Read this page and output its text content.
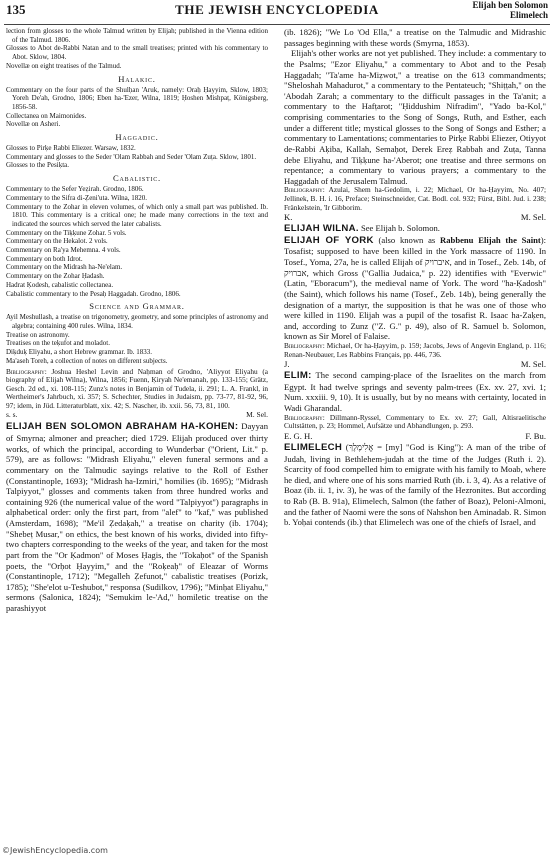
135	THE JEWISH ENCYCLOPEDIA	Elijah ben Solomon
Elimelech

lection from glosses to the whole Talmud written by Elijah; published in the Vienna edition of the Talmud. 1806.

Glosses to Abot de-Rabbi Natan and to the small treatises; printed with his commentary to Abot. Sklow, 1804.

Novellæ on eight treatises of the Talmud.

Halakic.

Commentary on the four parts of the Shulḥan 'Aruk, namely: Oraḥ Ḥayyim, Sklow, 1803; Yoreh De'ah, Grodno, 1806; Eben ha-'Ezer, Wilna, 1819; Ḥoshen Mishpaṭ, Königsberg, 1856-58.

Collectanea on Maimonides.

Novellæ on Asheri.

Haggadic.

Glosses to Pirḳe Rabbi Eliezer. Warsaw, 1832.

Commentary and glosses to the Seder 'Olam Rabbah and Seder 'Olam Zuṭa. Sklow, 1801.

Glosses to the Pesiḳta.

Cabalistic.

Commentary to the Sefer Yeẓirah. Grodno, 1806.

Commentary to the Sifra di-Ẓeni'uta. Wilna, 1820.

Commentary to the Zohar in eleven volumes, of which only a small part was published. Ib. 1810. This commentary is a critical one; he made many corrections in the text and indicated the sources which served the later cabalists.

Commentary on the Tiḳḳune Zohar. 5 vols.

Commentary on the Hekalot. 2 vols.

Commentary on Ra'ya Mehemna. 4 vols.

Commentary on both Idrot.

Commentary on the Midrash ha-Ne'elam.

Commentary on the Zohar Ḥadash.

Hadrat Ḳodesh, cabalistic collectanea.

Cabalistic commentary to the Pesaḥ Haggadah. Grodno, 1806.

Science and Grammar.

Ayil Meshullash, a treatise on trigonometry, geometry, and some principles of astronomy and algebra; containing 400 rules. Wilna, 1834.

Treatise on astronomy.

Treatises on the teḳufot and moladot.

Diḳduḳ Eliyahu, a short Hebrew grammar. Ib. 1833.

Ma'aseh Toreh, a collection of notes on different subjects.

Bibliography: Joshua Heshel Levin and Naḥman of Grodno, 'Aliyyot Eliyahu (a biography of Elijah Wilna), Wilna, 1856; Fuenn, Ḳiryah Ne'emanah, pp. 133-155; Grätz, Gesch. 2d ed., xi. 108-115; Zunz's notes in Benjamin of Tudela, ii. 291; L. A. Frankl, in Wertheimer's Jahrbuch, xi. 357; S. Schechter, Studies in Judaism, pp. 73-77, 81-92, 96, 97; idem, in Jüd. Litteraturblatt, xix. 42; S. Nascher, ib. xxii. 56, 73, 81, 100.

s. s.	M. Sel.

ELIJAH BEN SOLOMON ABRAHAM HA-KOHEN: Dayyan of Smyrna; almoner and preacher; died 1729. Elijah produced over thirty works, of which the principal, according to Wunderbar ("Orient, Lit." p. 579), are as follows: "Midrash Eliyahu," eleven funeral sermons and a commentary on the Talmudic sayings relative to the Roll of Esther (Constantinople, 1693); "Midrash ha-Izmiri," homilies (ib. 1695); "Midrash Talpiyyot," glosses and comments taken from three hundred works and containing 926 (the numerical value of the word "Talpiyyot") paragraphs in alphabetical order: only the first part, from "alef" to "kaf," was published (Amsterdam, 1698); "Me'il Ẓedaḳah," a treatise on charity (ib. 1704); "Shebeṭ Musar," on ethics, the best known of his works, divided into fifty-two chapters corresponding to the weeks of the year, and taken for the most part from the "Or Ḳadmon" of Moses Ḥagis, the "Tokaḥot" of the Spanish poets, the "Orḥot Ḥayyim," and the "Roḳeaḥ" of Eleazar of Worms (Constantinople, 1712); "Megalleh Ẓefunot," cabalistic treatises (Porizk, 1785); "She'elot u-Teshubot," responsa (Sudilkov, 1796); "Minḥat Eliyahu," sermons (Salonica, 1824); "Semukim le-'Ad," homiletic treatise on the parashiyyot

(ib. 1826); "We Lo 'Od Ella," a treatise on the Talmudic and Midrashic passages beginning with these words (Smyrna, 1853).

Elijah's other works are not yet published. They include: a commentary to the Psalms; "Ezor Eliyahu," a commentary to Abot and to the Pesaḥ Haggadah; "Ta'ame ha-Miẓwot," a treatise on the 613 commandments; "Sheloshah Mahadurot," a commentary to the Pentateuch; "Shiṭṭah," on the 'Abodah Zarah; a commentary to the difficult passages in the Ta'anit; a commentary to the Hafṭarot; "Ḥiddushim Nifradim", "Yado ba-Kol," comprising commentaries to the Song of Songs, Ruth, and Esther, each under a different title; mystical glosses to the Song of Songs and Esther; a commentary to Lamentations; commentaries to Pirḳe Rabbi Eliezer, Otiyyot de-Rabbi Aḳiba, Kallah, Semaḥot, Derek Ereẓ Rabbah and Zuṭa, Tanna debe Eliyahu, and Tiḳḳune ha-'Aberot; one treatise and three sermons on repentance; a commentary to various prayers; a commentary to the Haggadah of the Jerusalem Talmud.

Bibliography: Azulai, Shem ha-Gedolim, i. 22; Michael, Or ha-Ḥayyim, No. 407; Jellinek, B. H. i. 16, Preface; Steinschneider, Cat. Bodl. col. 932; Fürst, Bibl. Jud. i. 238; Fränkelstein, 'Ir Gibborim.

K.	M. Sel.

ELIJAH WILNA. See Elijah b. Solomon.

ELIJAH OF YORK (also known as Rabbenu Elijah the Saint): Tosafist; supposed to have been killed in the York massacre of 1190. In Tosef., Yoma, 27a, he is called Elijah of איברויק, and in Tosef., Zeb. 14b, of אברויק, which Gross ("Gallia Judaica," p. 22) identifies with "Everwic" (Latin, "Eboracum"), the medieval name of York. The word "ha-Ḳadosh" (the Saint), which follows his name (Tosef., Zeb. 14b), being generally the designation of a martyr, the supposition is that he was one of those who were killed in 1190. Elijah was a pupil of the tosafist R. Isaac ha-Zaḳen, and, according to Zunz ("Z. G." p. 49), also of R. Samuel b. Solomon, known as Sir Morel of Falaise.

Bibliography: Michael, Or ha-Ḥayyim, p. 159; Jacobs, Jews of Angevin England, p. 116; Renan-Neubauer, Les Rabbins Français, pp. 446, 736.

J.	M. Sel.

ELIM: The second camping-place of the Israelites on the march from Egypt. It had twelve springs and seventy palm-trees (Ex. xv. 27, xvi. 1; Num. xxxiii. 9, 10). It is usually, but by no means with certainty, located in Wadi Gharandal.

Bibliography: Dillmann-Ryssel, Commentary to Ex. xv. 27; Gall, Altisraelitische Cultstätten, p. 23; Hommel, Aufsätze und Abhandlungen, p. 293.

E. G. H.	F. Bu.

ELIMELECH (אֱלִימֶלֶךְ = [my] "God is King"): A man of the tribe of Judah, living in Bethlehem-judah at the time of the Judges (Ruth i. 2). Scarcity of food compelled him to emigrate with his family to Moab, where he died, and where one of his sons married Ruth (ib. i. 3, 4). As a relative of Boaz (ib. ii. 1, iv. 3), he was of the family of the Hezronites. But according to Rab (B. B. 91a), Elimelech, Salmon (the father of Boaz), Peloni-Almoni, and the father of Naomi were the sons of Nahshon ben Aminadab. R. Simon b. Yoḥai contends (ib.) that Elimelech was one of the chiefs of Israel, and

©JewishEncyclopedia.com
